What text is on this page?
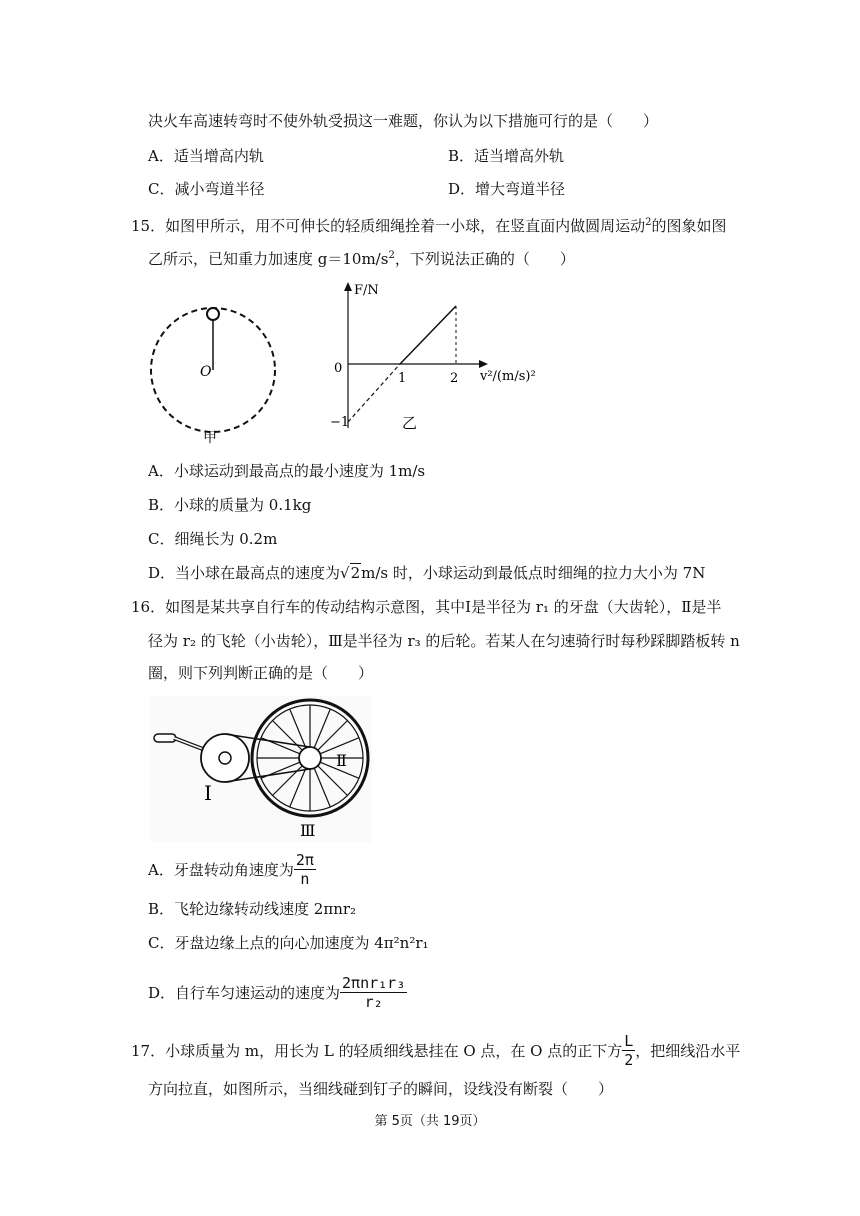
决火车高速转弯时不使外轨受损这一难题，你认为以下措施可行的是（　　）
A．适当增高内轨	B．适当增高外轨
C．减小弯道半径	D．增大弯道半径
15．如图甲所示，用不可伸长的轻质细绳拴着一小球，在竖直面内做圆周运动$^2$的图象如图
乙所示，已知重力加速度 $g=10m/s^2$，下列说法正确的（　　）
O
甲
F/N
v²/(m/s)²
0
1	2
−1	乙
A．小球运动到最高点的最小速度为 1m/s
B．小球的质量为 0.1kg
C．细绳长为 0.2m
D．当小球在最高点的速度为√2m/s 时，小球运动到最低点时细绳的拉力大小为 7N
16．如图是某共享自行车的传动结构示意图，其中Ⅰ是半径为 r₁ 的牙盘（大齿轮），Ⅱ是半
径为 r₂ 的飞轮（小齿轮），Ⅲ是半径为 r₃ 的后轮。若某人在匀速骑行时每秒踩脚踏板转 n
圈，则下列判断正确的是（　　）
Ⅰ
Ⅱ
Ⅲ
A．牙盘转动角速度为 $\frac{2\pi}{n}$
B．飞轮边缘转动线速度 2πnr₂
C．牙盘边缘上点的向心加速度为 4π²n²r₁
D．自行车匀速运动的速度为 $\frac{\text{2πnr₁r₃}}{\text{r₂}}$
17．小球质量为 m，用长为 L 的轻质细线悬挂在 O 点，在 O 点的正下方 $\frac{L}{2}$ ，把细线沿水平
方向拉直，如图所示，当细线碰到钉子的瞬间，设线没有断裂（　　）
第 5页（共 19页）
